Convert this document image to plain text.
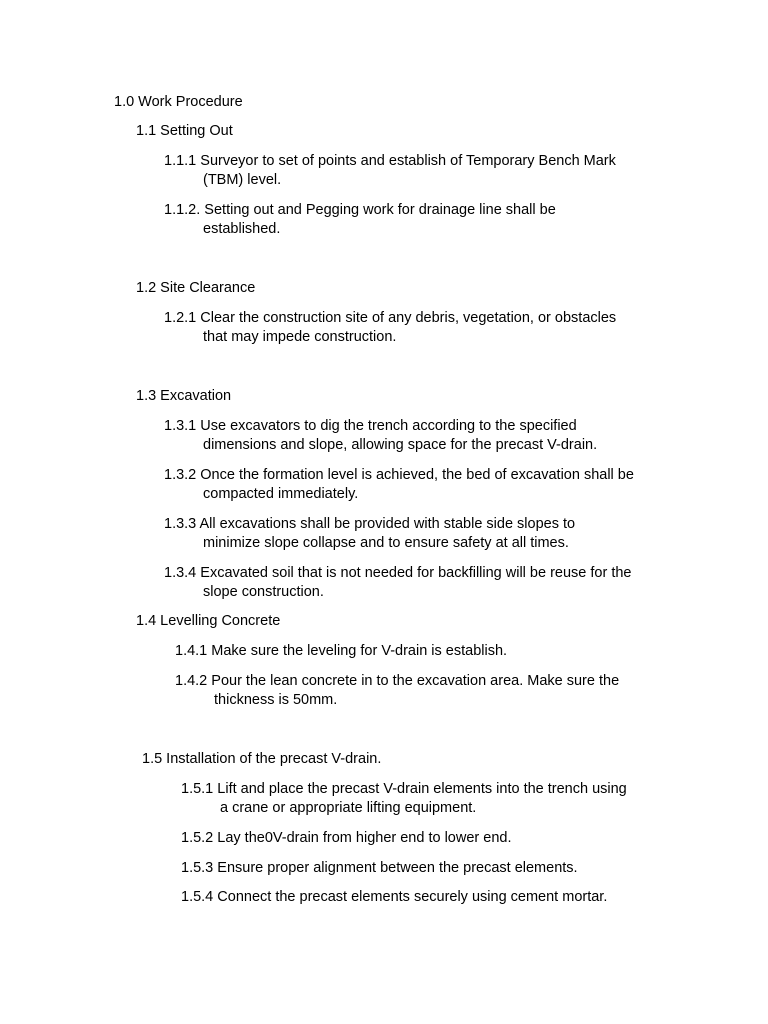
1.0 Work Procedure
1.1 Setting Out
1.1.1 Surveyor to set of points and establish of Temporary Bench Mark
(TBM) level.
1.1.2. Setting out and Pegging work for drainage line shall be
established.
1.2 Site Clearance
1.2.1 Clear the construction site of any debris, vegetation, or obstacles
that may impede construction.
1.3 Excavation
1.3.1 Use excavators to dig the trench according to the specified
dimensions and slope, allowing space for the precast V-drain.
1.3.2 Once the formation level is achieved, the bed of excavation shall be
compacted immediately.
1.3.3 All excavations shall be provided with stable side slopes to
minimize slope collapse and to ensure safety at all times.
1.3.4 Excavated soil that is not needed for backfilling will be reuse for the
slope construction.
1.4 Levelling Concrete
1.4.1 Make sure the leveling for V-drain is establish.
1.4.2 Pour the lean concrete in to the excavation area. Make sure the
thickness is 50mm.
1.5 Installation of the precast V-drain.
1.5.1 Lift and place the precast V-drain elements into the trench using
a crane or appropriate lifting equipment.
1.5.2 Lay the0V-drain from higher end to lower end.
1.5.3 Ensure proper alignment between the precast elements.
1.5.4 Connect the precast elements securely using cement mortar.
